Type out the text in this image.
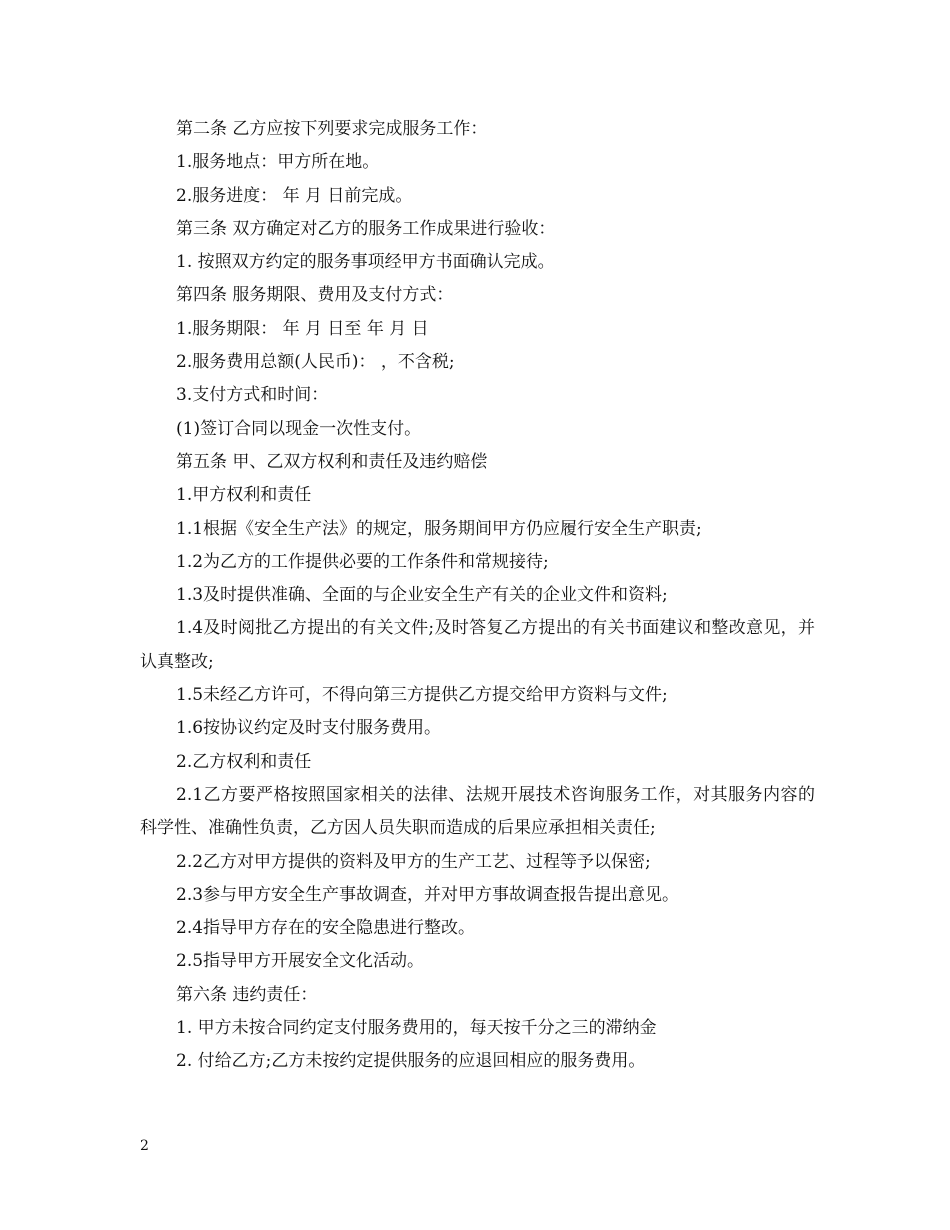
第二条 乙方应按下列要求完成服务工作：

1.服务地点：甲方所在地。

2.服务进度： 年 月 日前完成。

第三条 双方确定对乙方的服务工作成果进行验收：

1. 按照双方约定的服务事项经甲方书面确认完成。

第四条 服务期限、费用及支付方式：

1.服务期限： 年 月 日至 年 月 日

2.服务费用总额(人民币)： ，不含税;

3.支付方式和时间：

(1)签订合同以现金一次性支付。

第五条 甲、乙双方权利和责任及违约赔偿

1.甲方权利和责任

1.1根据《安全生产法》的规定，服务期间甲方仍应履行安全生产职责;

1.2为乙方的工作提供必要的工作条件和常规接待;

1.3及时提供准确、全面的与企业安全生产有关的企业文件和资料;

1.4及时阅批乙方提出的有关文件;及时答复乙方提出的有关书面建议和整改意见，并认真整改;

1.5未经乙方许可，不得向第三方提供乙方提交给甲方资料与文件;

1.6按协议约定及时支付服务费用。

2.乙方权利和责任

2.1乙方要严格按照国家相关的法律、法规开展技术咨询服务工作，对其服务内容的科学性、准确性负责，乙方因人员失职而造成的后果应承担相关责任;

2.2乙方对甲方提供的资料及甲方的生产工艺、过程等予以保密;

2.3参与甲方安全生产事故调查，并对甲方事故调查报告提出意见。

2.4指导甲方存在的安全隐患进行整改。

2.5指导甲方开展安全文化活动。

第六条 违约责任：

1. 甲方未按合同约定支付服务费用的，每天按千分之三的滞纳金

2. 付给乙方;乙方未按约定提供服务的应退回相应的服务费用。

2
